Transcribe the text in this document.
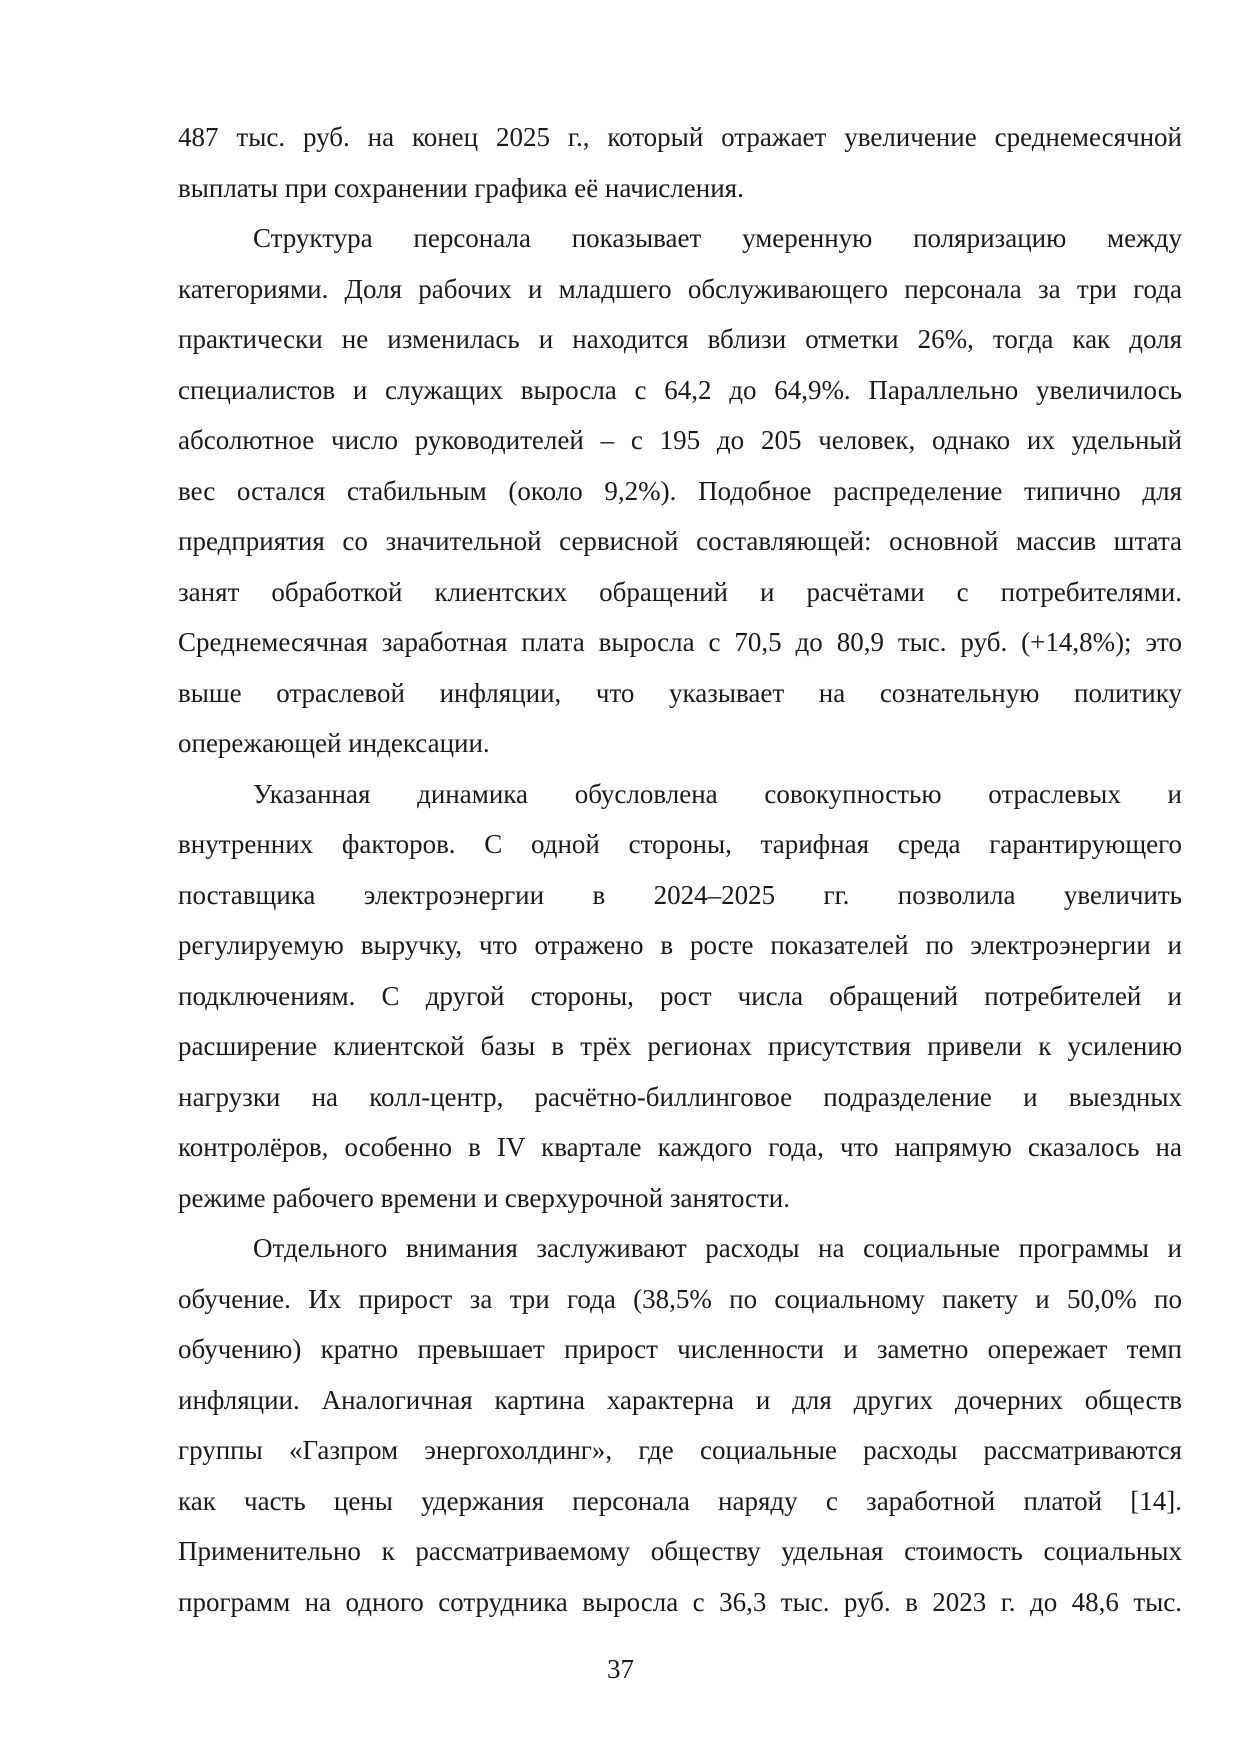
487 тыс. руб. на конец 2025 г., который отражает увеличение среднемесячной
выплаты при сохранении графика её начисления.
Структура персонала показывает умеренную поляризацию между
категориями. Доля рабочих и младшего обслуживающего персонала за три года
практически не изменилась и находится вблизи отметки 26%, тогда как доля
специалистов и служащих выросла с 64,2 до 64,9%. Параллельно увеличилось
абсолютное число руководителей – с 195 до 205 человек, однако их удельный
вес остался стабильным (около 9,2%). Подобное распределение типично для
предприятия со значительной сервисной составляющей: основной массив штата
занят обработкой клиентских обращений и расчётами с потребителями.
Среднемесячная заработная плата выросла с 70,5 до 80,9 тыс. руб. (+14,8%); это
выше отраслевой инфляции, что указывает на сознательную политику
опережающей индексации.
Указанная динамика обусловлена совокупностью отраслевых и
внутренних факторов. С одной стороны, тарифная среда гарантирующего
поставщика электроэнергии в 2024–2025 гг. позволила увеличить
регулируемую выручку, что отражено в росте показателей по электроэнергии и
подключениям. С другой стороны, рост числа обращений потребителей и
расширение клиентской базы в трёх регионах присутствия привели к усилению
нагрузки на колл-центр, расчётно-биллинговое подразделение и выездных
контролёров, особенно в IV квартале каждого года, что напрямую сказалось на
режиме рабочего времени и сверхурочной занятости.
Отдельного внимания заслуживают расходы на социальные программы и
обучение. Их прирост за три года (38,5% по социальному пакету и 50,0% по
обучению) кратно превышает прирост численности и заметно опережает темп
инфляции. Аналогичная картина характерна и для других дочерних обществ
группы «Газпром энергохолдинг», где социальные расходы рассматриваются
как часть цены удержания персонала наряду с заработной платой [14].
Применительно к рассматриваемому обществу удельная стоимость социальных
программ на одного сотрудника выросла с 36,3 тыс. руб. в 2023 г. до 48,6 тыс.
37
